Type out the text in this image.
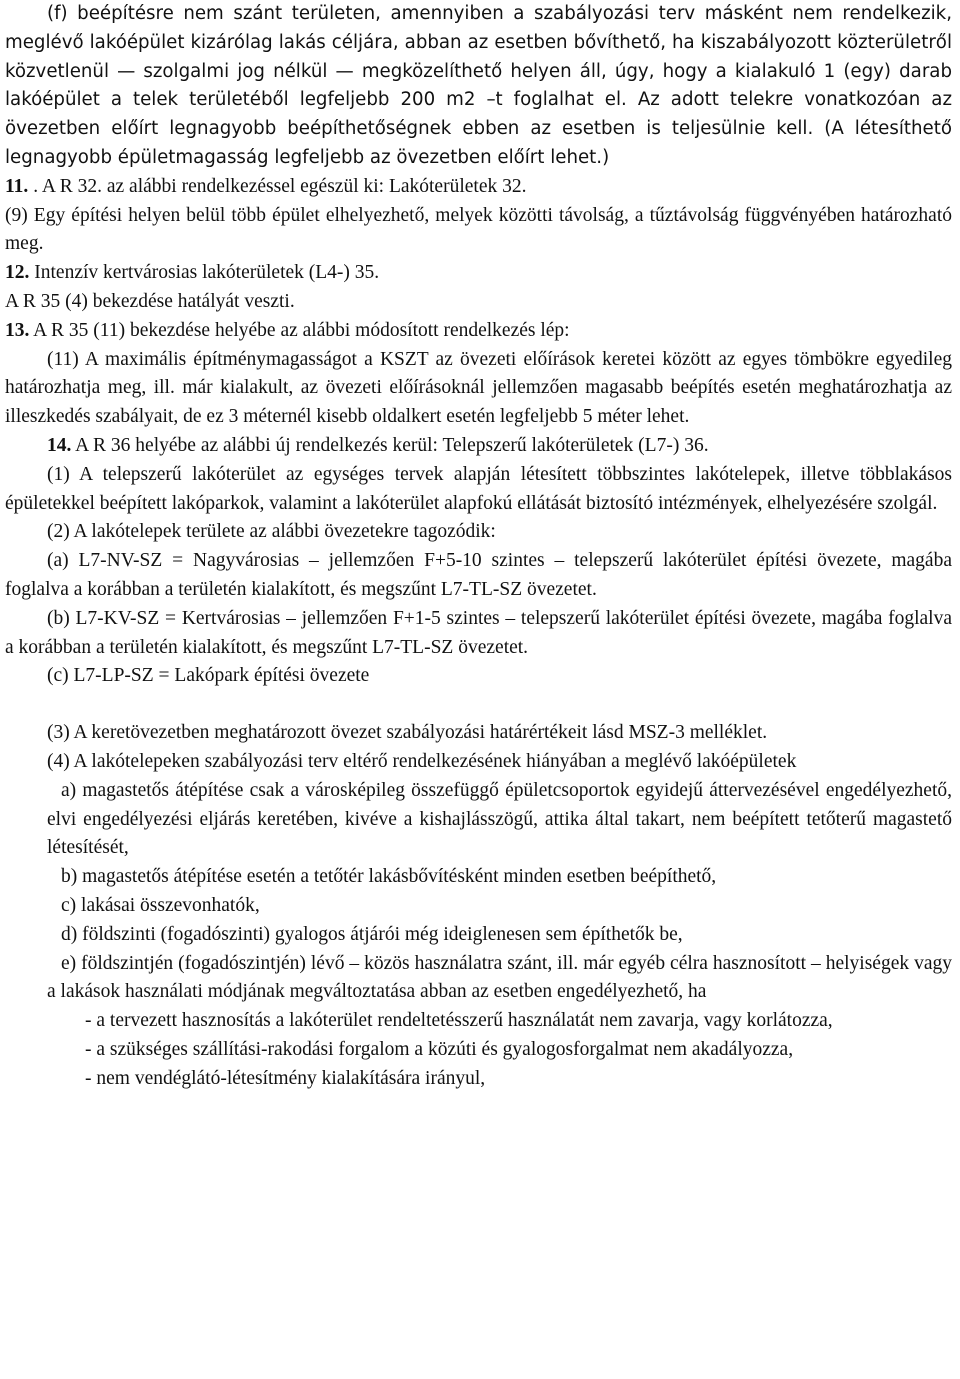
(f) beépítésre nem szánt területen, amennyiben a szabályozási terv másként nem rendelkezik, meglévő lakóépület kizárólag lakás céljára, abban az esetben bővíthető, ha kiszabályozott közterületről közvetlenül — szolgalmi jog nélkül — megközelíthető helyen áll, úgy, hogy a kialakuló 1 (egy) darab lakóépület a telek területéből legfeljebb 200 m2 –t foglalhat el. Az adott telekre vonatkozóan az övezetben előírt legnagyobb beépíthetőségnek ebben az esetben is teljesülnie kell. (A létesíthető legnagyobb épületmagasság legfeljebb az övezetben előírt lehet.)

11. . A R 32. az alábbi rendelkezéssel egészül ki: Lakóterületek 32.

(9) Egy építési helyen belül több épület elhelyezhető, melyek közötti távolság, a tűztávolság függvényében határozható meg.

12. Intenzív kertvárosias lakóterületek (L4-) 35.

A R 35 (4) bekezdése hatályát veszti.

13. A R 35 (11) bekezdése helyébe az alábbi módosított rendelkezés lép:

(11) A maximális építménymagasságot a KSZT az övezeti előírások keretei között az egyes tömbökre egyedileg határozhatja meg, ill. már kialakult, az övezeti előírásoknál jellemzően magasabb beépítés esetén meghatározhatja az illeszkedés szabályait, de ez 3 méternél kisebb oldalkert esetén legfeljebb 5 méter lehet.

14. A R 36 helyébe az alábbi új rendelkezés kerül: Telepszerű lakóterületek (L7-) 36.

(1) A telepszerű lakóterület az egységes tervek alapján létesített többszintes lakótelepek, illetve többlakásos épületekkel beépített lakóparkok, valamint a lakóterület alapfokú ellátását biztosító intézmények, elhelyezésére szolgál.

(2) A lakótelepek területe az alábbi övezetekre tagozódik:

(a) L7-NV-SZ = Nagyvárosias – jellemzően F+5-10 szintes – telepszerű lakóterület építési övezete, magába foglalva a korábban a területén kialakított, és megszűnt L7-TL-SZ övezetet.

(b) L7-KV-SZ = Kertvárosias – jellemzően F+1-5 szintes – telepszerű lakóterület építési övezete, magába foglalva a korábban a területén kialakított, és megszűnt L7-TL-SZ övezetet.

(c) L7-LP-SZ = Lakópark építési övezete

(3) A keretövezetben meghatározott övezet szabályozási határértékeit lásd MSZ-3 melléklet.

(4) A lakótelepeken szabályozási terv eltérő rendelkezésének hiányában a meglévő lakóépületek

a) magastetős átépítése csak a városképileg összefüggő épületcsoportok egyidejű áttervezésével engedélyezhető, elvi engedélyezési eljárás keretében, kivéve a kishajlásszögű, attika által takart, nem beépített tetőterű magastető létesítését,

b) magastetős átépítése esetén a tetőtér lakásbővítésként minden esetben beépíthető,

c) lakásai összevonhatók,

d) földszinti (fogadószinti) gyalogos átjárói még ideiglenesen sem építhetők be,

e) földszintjén (fogadószintjén) lévő – közös használatra szánt, ill. már egyéb célra hasznosított – helyiségek vagy a lakások használati módjának megváltoztatása abban az esetben engedélyezhető, ha

- a tervezett hasznosítás a lakóterület rendeltetésszerű használatát nem zavarja, vagy korlátozza,

- a szükséges szállítási-rakodási forgalom a közúti és gyalogosforgalmat nem akadályozza,

- nem vendéglátó-létesítmény kialakítására irányul,
